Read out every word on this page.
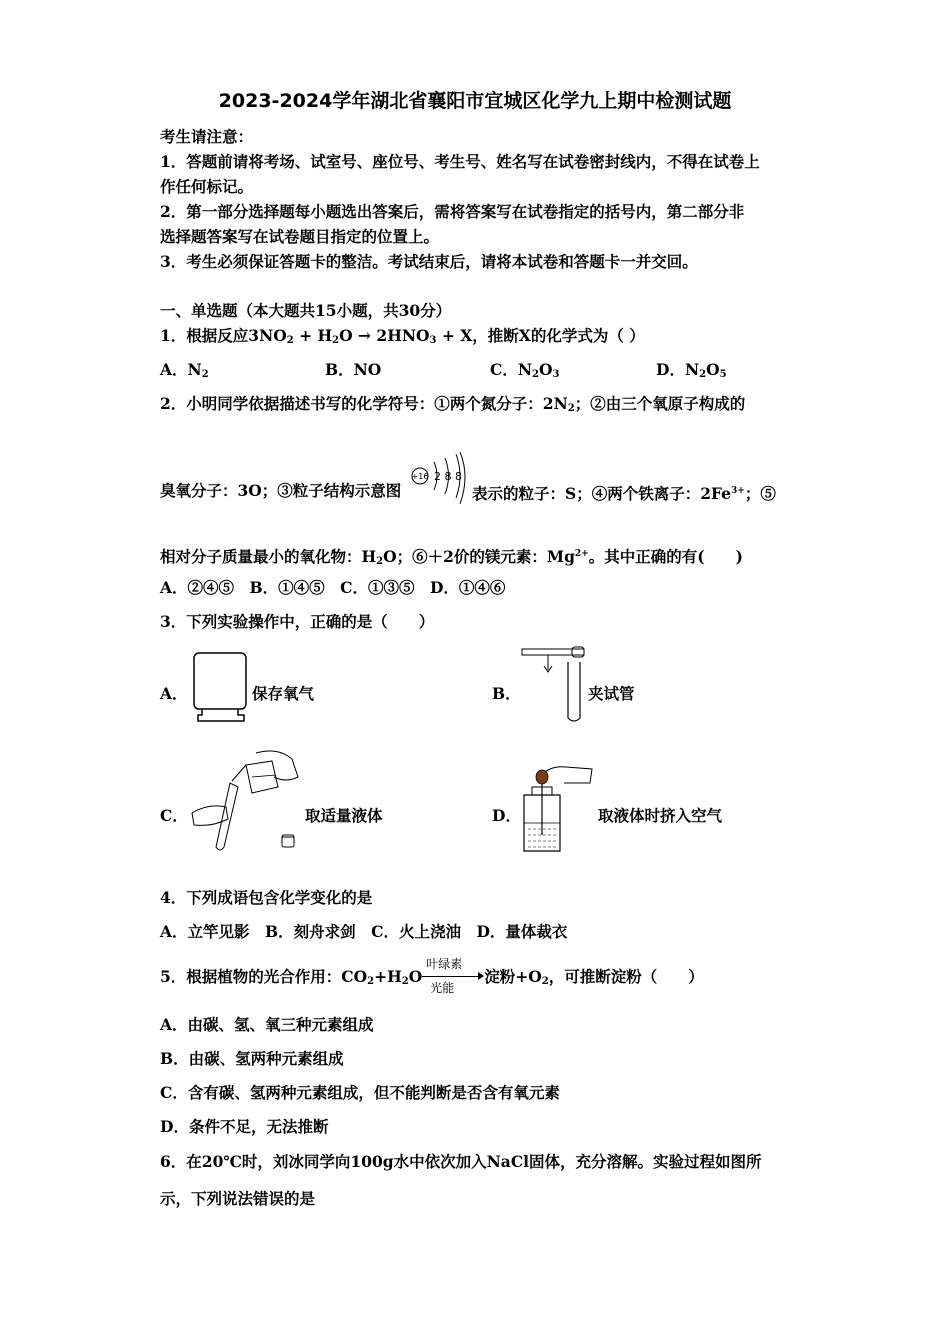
2023-2024学年湖北省襄阳市宜城区化学九上期中检测试题
考生请注意：
1．答题前请将考场、试室号、座位号、考生号、姓名写在试卷密封线内，不得在试卷上
作任何标记。
2．第一部分选择题每小题选出答案后，需将答案写在试卷指定的括号内，第二部分非
选择题答案写在试卷题目指定的位置上。
3．考生必须保证答题卡的整洁。考试结束后，请将本试卷和答题卡一并交回。
一、单选题（本大题共15小题，共30分）
1．根据反应$3NO_2 + H_2O \to 2HNO_3 + X$，推断X的化学式为（ ）
A．$N_2$	B．NO	C．$N_2O_3$	D．$N_2O_5$
2．小明同学依据描述书写的化学符号：①两个氮分子：$2N_2$；②由三个氧原子构成的
臭氧分子：3O；③粒子结构示意图
+16 2 8 8
表示的粒子：S；④两个铁离子：$2Fe^{3+}$；⑤
相对分子质量最小的氧化物：$H_2O$；⑥＋2价的镁元素：$Mg^{2+}$。其中正确的有(　　)
A．②④⑤　B．①④⑤　C．①③⑤　D．①④⑥
3．下列实验操作中，正确的是（　　）
A．	保存氧气	B．	夹试管
C．	取适量液体	D．	取液体时挤入空气
4．下列成语包含化学变化的是
A．立竿见影　B．刻舟求剑　C．火上浇油　D．量体裁衣
5．根据植物的光合作用：$CO_2+H_2O$
叶绿素
光能
淀粉$+O_2$，可推断淀粉（　　）
A．由碳、氢、氧三种元素组成
B．由碳、氢两种元素组成
C．含有碳、氢两种元素组成，但不能判断是否含有氧元素
D．条件不足，无法推断
6．在20℃时，刘冰同学向100g水中依次加入NaCl固体，充分溶解。实验过程如图所
示，下列说法错误的是
